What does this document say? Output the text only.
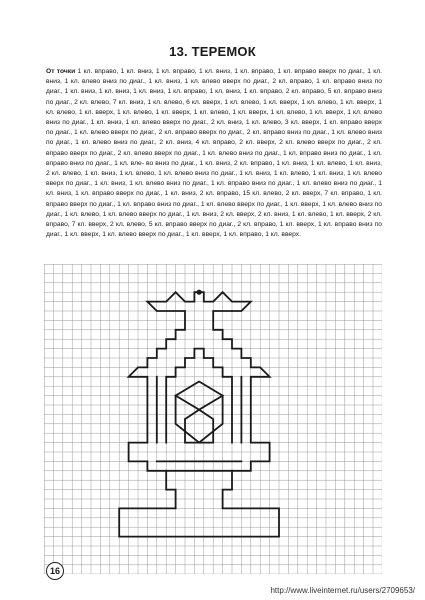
13. ТЕРЕМОК
От точки 1 кл. вправо, 1 кл. вниз, 1 кл. вправо, 1 кл. вниз, 1 кл. вправо, 1 кл. вправо вверх по диаг., 1 кл. вниз, 1 кл. влево вниз по диаг., 1 кл. вниз, 1 кл. влево вверх по диаг., 2 кл. вправо, 1 кл. вправо вниз по диаг., 1 кл. вниз, 1 кл. вниз, 1 кл. вниз, 1 кл. вправо, 1 кл. вниз, 1 кл. вправо, 2 кл. вправо, 5 кл. вправо вниз по диаг., 2 кл. влево, 7 кл. вниз, 1 кл. влево, 6 кл. вверх, 1 кл. влево, 1 кл. вверх, 1 кл. влево, 1 кл. вверх, 1 кл. влево, 1 кл. вверх, 1 кл. влево, 1 кл. вверх, 1 кл. влево, 1 кл. вверх, 1 кл. влево, 1 кл. вверх, 1 кл. влево вниз по диаг., 1 кл. вниз, 1 кл. влево вверх по диаг., 2 кл. вниз, 1 кл. влево, 3 кл. вверх, 1 кл. вправо вверх по диаг., 1 кл. влево вверх по диаг., 2 кл. вправо вверх по диаг., 2 кл. вправо вниз по диаг., 1 кл. влево вниз по диаг., 1 кл. влево вниз по диаг., 2 кл. вниз, 4 кл. вправо, 2 кл. вверх, 2 кл. влево вверх по диаг., 2 кл. вправо вверх по диаг., 2 кл. влево вверх по диаг., 1 кл. влево вниз по диаг., 1 кл. вправо вниз по диаг., 1 кл. вправо вниз по диаг., 1 кл. вле- во вниз по диаг., 1 кл. вниз, 2 кл. вправо, 1 кл. вниз, 1 кл. влево, 1 кл. вниз, 2 кл. влево, 1 кл. вниз, 1 кл. влево, 1 кл. влево вниз по диаг., 1 кл. вниз, 1 кл. влево, 1 кл. вниз, 1 кл. влево вверх по диаг., 1 кл. вниз, 1 кл. влево вниз по диаг., 1 кл. вправо вниз по диаг., 1 кл. влево вниз по диаг., 1 кл. вниз, 1 кл. вправо вверх по диаг., 1 кл. вниз, 2 кл. вправо, 15 кл. влево, 2 кл. вверх, 7 кл. вправо, 1 кл. вправо вверх по диаг., 1 кл. вправо вниз по диаг., 1 кл. влево вверх по диаг., 1 кл. вверх, 1 кл. влево вниз по диаг., 1 кл. влево, 1 кл. влево вверх по диаг., 1 кл. вниз, 2 кл. вверх, 2 кл. вниз, 1 кл. влево, 1 кл. вверх, 2 кл. вправо, 7 кл. вверх, 2 кл. влево, 5 кл. вправо вверх по диаг., 2 кл. вправо, 1 кл. вверх, 1 кл. вправо вниз по диаг., 1 кл. вверх, 1 кл. влево вверх по диаг., 1 кл. вверх, 1 кл. вправо, 1 кл. вверх.
16
http://www.liveinternet.ru/users/2709653/
